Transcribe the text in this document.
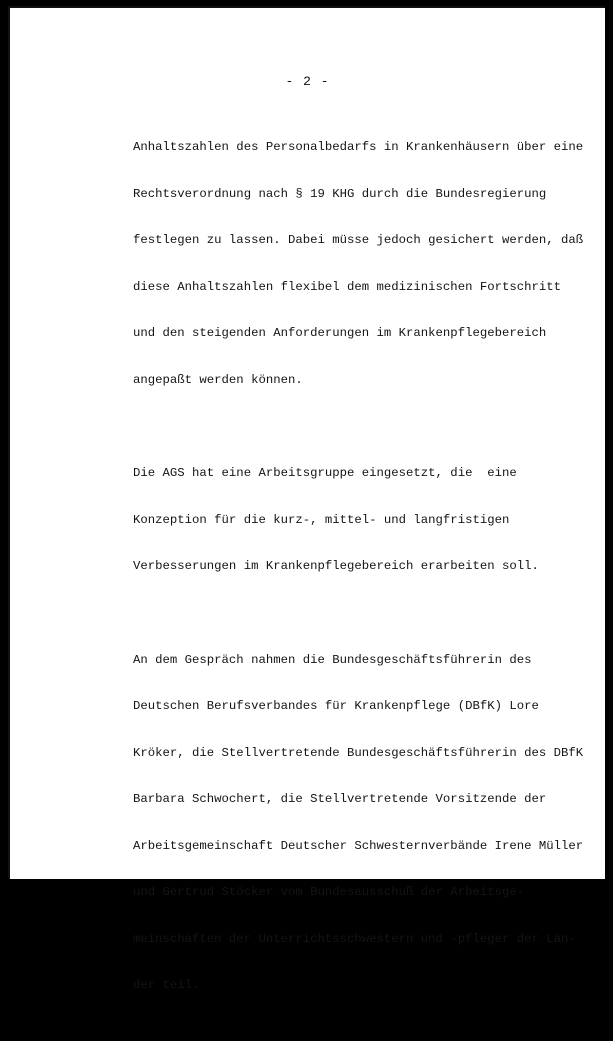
- 2 -

Anhaltszahlen des Personalbedarfs in Krankenhäusern über eine

Rechtsverordnung nach § 19 KHG durch die Bundesregierung

festlegen zu lassen. Dabei müsse jedoch gesichert werden, daß

diese Anhaltszahlen flexibel dem medizinischen Fortschritt

und den steigenden Anforderungen im Krankenpflegebereich

angepaßt werden können.

Die AGS hat eine Arbeitsgruppe eingesetzt, die  eine

Konzeption für die kurz-, mittel- und langfristigen

Verbesserungen im Krankenpflegebereich erarbeiten soll.

An dem Gespräch nahmen die Bundesgeschäftsführerin des

Deutschen Berufsverbandes für Krankenpflege (DBfK) Lore

Kröker, die Stellvertretende Bundesgeschäftsführerin des DBfK

Barbara Schwochert, die Stellvertretende Vorsitzende der

Arbeitsgemeinschaft Deutscher Schwesternverbände Irene Müller

und Gertrud Stöcker vom Bundesausschuß der Arbeitsge-

meinschaften der Unterrichtsschwestern und -pfleger der Län-

der teil.
